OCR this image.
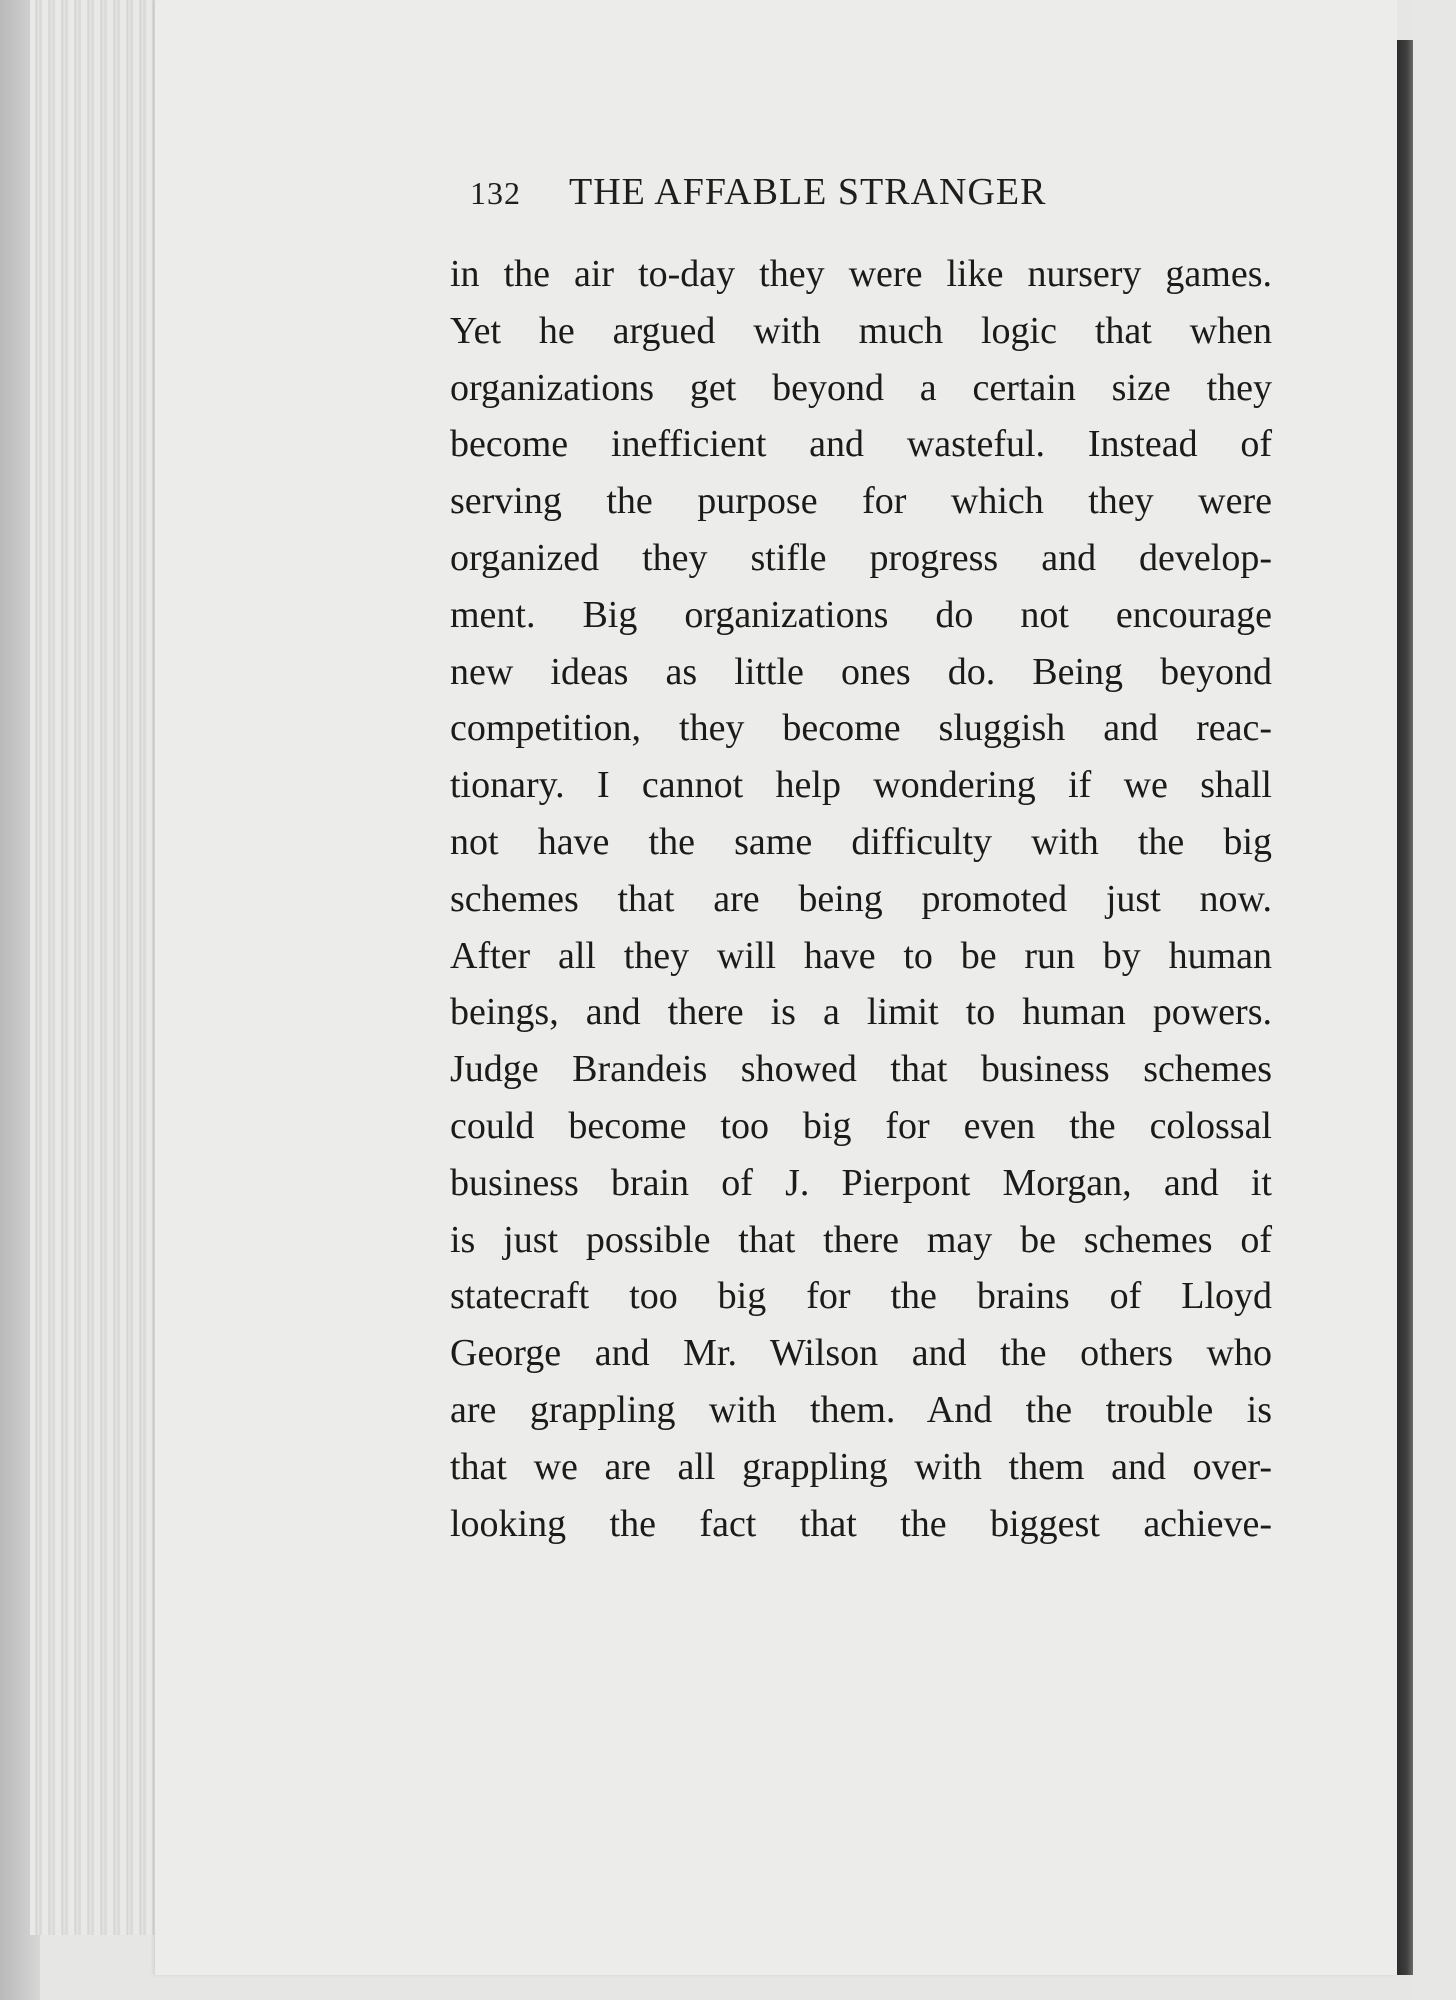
132 THE AFFABLE STRANGER
in the air to-day they were like nursery games.
Yet he argued with much logic that when
organizations get beyond a certain size they
become inefficient and wasteful. Instead of
serving the purpose for which they were
organized they stifle progress and develop-
ment. Big organizations do not encourage
new ideas as little ones do. Being beyond
competition, they become sluggish and reac-
tionary. I cannot help wondering if we shall
not have the same difficulty with the big
schemes that are being promoted just now.
After all they will have to be run by human
beings, and there is a limit to human powers.
Judge Brandeis showed that business schemes
could become too big for even the colossal
business brain of J. Pierpont Morgan, and it
is just possible that there may be schemes of
statecraft too big for the brains of Lloyd
George and Mr. Wilson and the others who
are grappling with them. And the trouble is
that we are all grappling with them and over-
looking the fact that the biggest achieve-
